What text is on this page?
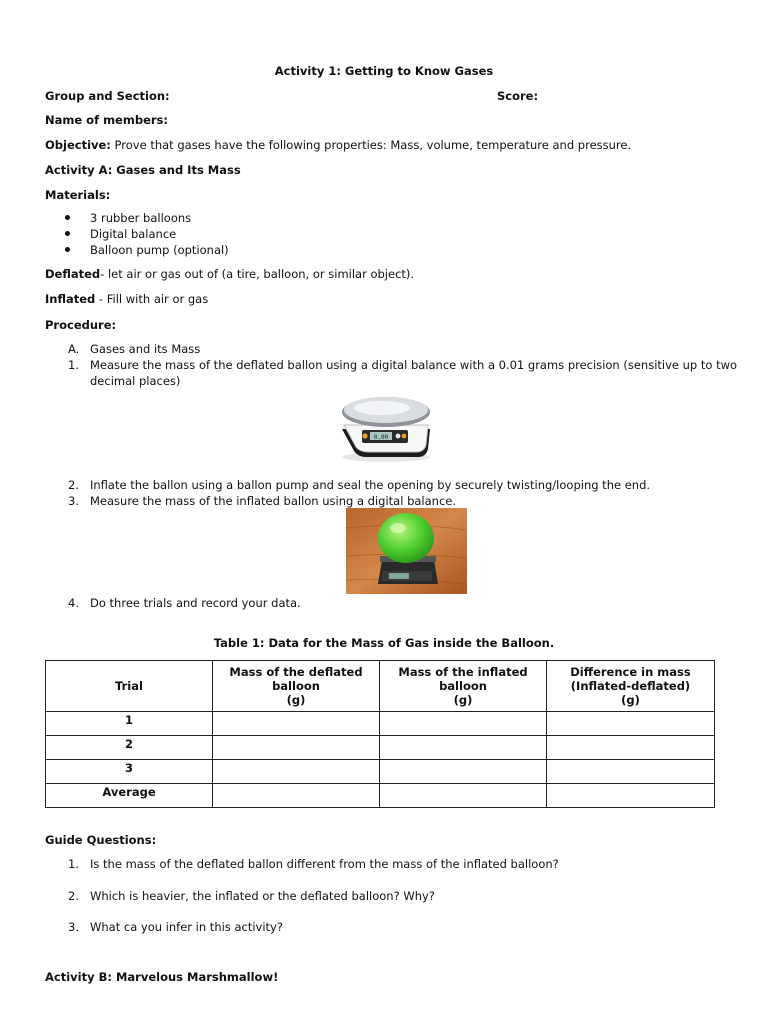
Activity 1: Getting to Know Gases
Group and Section:	Score:
Name of members:
Objective: Prove that gases have the following properties: Mass, volume, temperature and pressure.
Activity A: Gases and Its Mass
Materials:
3 rubber balloons
Digital balance
Balloon pump (optional)
Deflated- let air or gas out of (a tire, balloon, or similar object).
Inflated - Fill with air or gas
Procedure:
A. Gases and its Mass
1. Measure the mass of the deflated ballon using a digital balance with a 0.01 grams precision (sensitive up to two
decimal places)
0.00
2. Inflate the ballon using a ballon pump and seal the opening by securely twisting/looping the end.
3. Measure the mass of the inflated ballon using a digital balance.
4. Do three trials and record your data.
Table 1: Data for the Mass of Gas inside the Balloon.
Trial	Mass of the deflated
balloon
(g)	Mass of the inflated
balloon
(g)	Difference in mass
(Inflated-deflated)
(g)
1			
2			
3			
Average			
Guide Questions:
1. Is the mass of the deflated ballon different from the mass of the inflated balloon?
2. Which is heavier, the inflated or the deflated balloon? Why?
3. What ca you infer in this activity?
Activity B: Marvelous Marshmallow!
